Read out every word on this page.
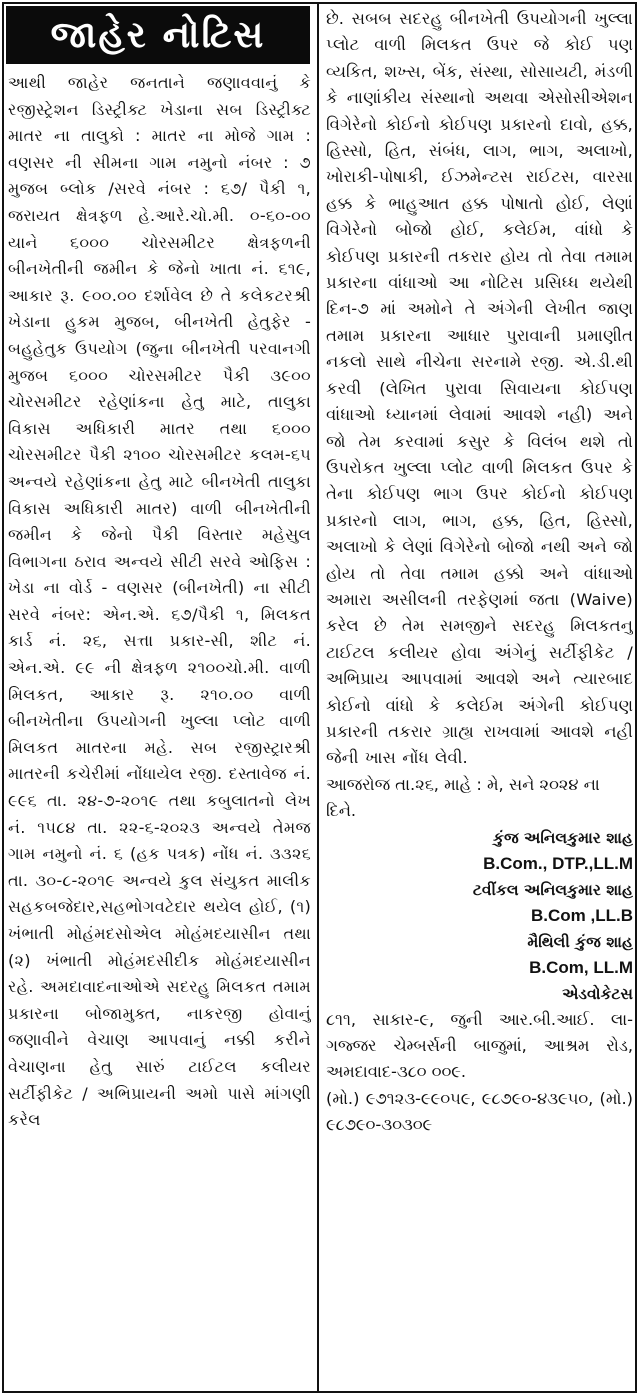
જાહેર નોટિસ

આથી જાહેર જનતાને જણાવવાનું કે રજીસ્ટ્રેશન ડિસ્ટ્રીક્ટ ખેડાના સબ ડિસ્ટ્રીક્ટ માતર ના તાલુકો : માતર ના મોજે ગામ : વણસર ની સીમના ગામ નમુનો નંબર : ૭ મુજબ બ્લોક /સરવે નંબર : ૬૭/ પૈકી ૧, જરાયત ક્ષેત્રફળ હે.આરે.ચો.મી. ૦-૬૦-૦૦ યાને ૬૦૦૦ ચોરસમીટર ક્ષેત્રફળની બીનખેતીની જમીન કે જેનો ખાતા નં. ૬૧૯, આકાર રૂ. ૯૦૦.૦૦ દર્શાવેલ છે તે કલેકટરશ્રી ખેડાના હુકમ મુજબ, બીનખેતી હેતુફેર - બહુહેતુક ઉપયોગ (જુના બીનખેતી પરવાનગી મુજબ ૬૦૦૦ ચોરસમીટર પૈકી ૩૯૦૦ ચોરસમીટર રહેણાંકના હેતુ માટે, તાલુકા વિકાસ અધિકારી માતર તથા ૬૦૦૦ ચોરસમીટર પૈકી ૨૧૦૦ ચોરસમીટર કલમ-૬૫ અન્વયે રહેણાંકના હેતુ માટે બીનખેતી તાલુકા વિકાસ અધિકારી માતર) વાળી બીનખેતીની જમીન કે જેનો પૈકી વિસ્તાર મહેસુલ વિભાગના ઠરાવ અન્વયે સીટી સરવે ઓફિસ : ખેડા ના વોર્ડ - વણસર (બીનખેતી) ના સીટી સરવે નંબર: એન.એ. ૬૭/પૈકી ૧, મિલકત કાર્ડ નં. ૨૬, સત્તા પ્રકાર-સી, શીટ નં. એન.એ. ૯૯ ની ક્ષેત્રફળ ૨૧૦૦ચો.મી. વાળી મિલકત, આકાર રૂ. ૨૧૦.૦૦ વાળી બીનખેતીના ઉપયોગની ખુલ્લા પ્લોટ વાળી મિલકત માતરના મહે. સબ રજીસ્ટ્રારશ્રી માતરની કચેરીમાં નોંધાયેલ રજી. દસ્તાવેજ નં. ૯૯૬ તા. ૨૪-૭-૨૦૧૯ તથા કબુલાતનો લેખ નં. ૧૫૮૪ તા. ૨૨-૬-૨૦૨૩ અન્વયે તેમજ ગામ નમુનો નં. ૬ (હક પત્રક) નોંધ નં. ૩૩૨૬ તા. ૩૦-૮-૨૦૧૯ અન્વયે કુલ સંયુકત માલીક સહકબજેદાર,સહભોગવટેદાર થયેલ હોઈ, (૧) ખંભાતી મોહંમદસોએલ મોહંમદયાસીન તથા (૨) ખંભાતી મોહંમદસીદીક મોહંમદયાસીન રહે. અમદાવાદનાઓએ સદરહુ મિલકત તમામ પ્રકારના બોજામુક્ત, નાકરજી હોવાનું જણાવીને વેચાણ આપવાનું નક્કી કરીને વેચાણના હેતુ સારું ટાઈટલ કલીયર સર્ટીફીકેટ / અભિપ્રાયની અમો પાસે માંગણી કરેલ

છે. સબબ સદરહુ બીનખેતી ઉપયોગની ખુલ્લા પ્લોટ વાળી મિલકત ઉપર જે કોઈ પણ વ્યકિત, શખ્સ, બેંક, સંસ્થા, સોસાયટી, મંડળી કે નાણાંકીય સંસ્થાનો અથવા એસોસીએશન વિગેરેનો કોઈનો કોઈપણ પ્રકારનો દાવો, હક્ક, હિસ્સો, હિત, સંબંધ, લાગ, ભાગ, અલાખો, ખોરાકી-પોષાકી, ઈઝમેન્ટસ રાઈટસ, વારસા હક્ક કે ભાહુઆત હક્ક પોષાતો હોઈ, લેણાં વિગેરેનો બોજો હોઈ, કલેઈમ, વાંધો કે કોઈપણ પ્રકારની તકરાર હોય તો તેવા તમામ પ્રકારના વાંધાઓ આ નોટિસ પ્રસિધ્ધ થયેથી દિન-૭ માં અમોને તે અંગેની લેખીત જાણ તમામ પ્રકારના આધાર પુરાવાની પ્રમાણીત નકલો સાથે નીચેના સરનામે રજી. એ.ડી.થી કરવી (લેખિત પુરાવા સિવાયના કોઈપણ વાંધાઓ ધ્યાનમાં લેવામાં આવશે નહી) અને જો તેમ કરવામાં કસુર કે વિલંબ થશે તો ઉપરોકત ખુલ્લા પ્લોટ વાળી મિલકત ઉપર કે તેના કોઈપણ ભાગ ઉપર કોઈનો કોઈપણ પ્રકારનો લાગ, ભાગ, હક્ક, હિત, હિસ્સો, અલાખો કે લેણાં વિગેરેનો બોજો નથી અને જો હોય તો તેવા તમામ હક્કો અને વાંધાઓ અમારા અસીલની તરફેણમાં જતા (Waive) કરેલ છે તેમ સમજીને સદરહુ મિલકતનુ ટાઈટલ કલીયર હોવા અંગેનું સર્ટીફીકેટ / અભિપ્રાય આપવામાં આવશે અને ત્યારબાદ કોઈનો વાંધો કે કલેઈમ અંગેની કોઈપણ પ્રકારની તકરાર ગ્રાહ્ય રાખવામાં આવશે નહી જેની ખાસ નોંધ લેવી.

આજરોજ તા.૨૬, માહે : મે, સને ૨૦૨૪ ના દિને.

કુંજ અનિલકુમાર શાહ
B.Com., DTP.,LL.M
ટવીંકલ અનિલકુમાર શાહ
B.Com ,LL.B
મૈથિલી કુંજ શાહ
B.Com, LL.M
એડવોકેટસ

૮૧૧, સાકાર-૯, જુની આર.બી.આઈ. લા-ગજ્જર ચેમ્બર્સની બાજુમાં, આશ્રમ રોડ, અમદાવાદ-૩૮૦ ૦૦૯.

(મો.) ૯૭૧૨૩-૯૯૦૫૯, ૯૮૭૯૦-૪૩૯૫૦, (મો.) ૯૮૭૯૦-૩૦૩૦૯
